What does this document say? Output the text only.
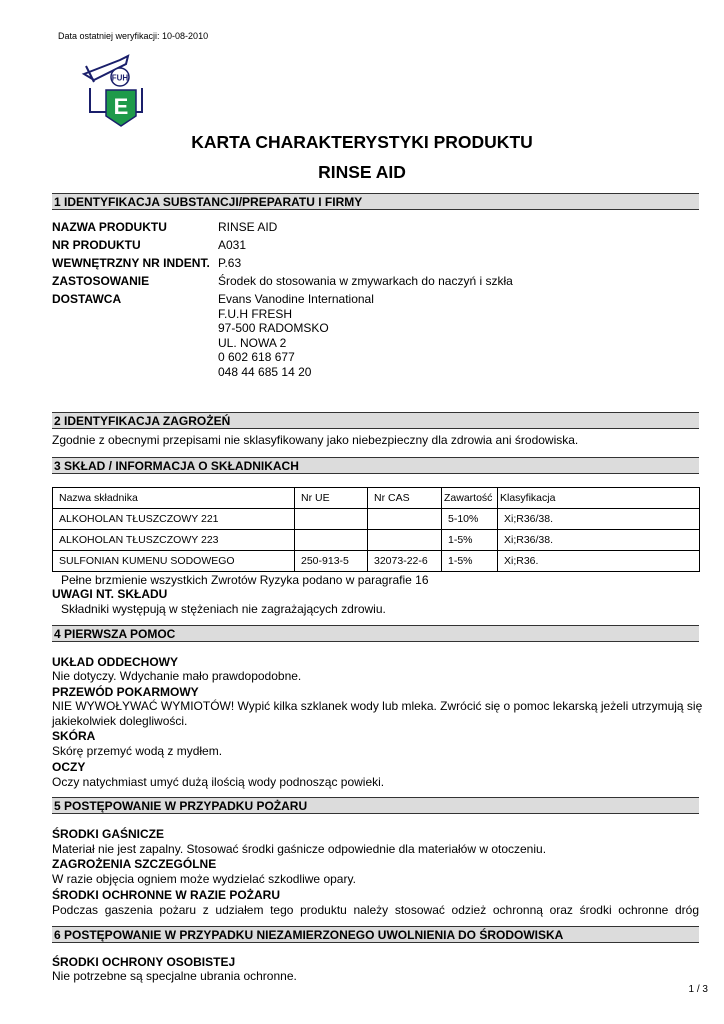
Data ostatniej weryfikacji: 10-08-2010
FUH
E
KARTA CHARAKTERYSTYKI PRODUKTU
RINSE AID
1 IDENTYFIKACJA SUBSTANCJI/PREPARATU I FIRMY
NAZWA PRODUKTU	RINSE AID
NR PRODUKTU	A031
WEWNĘTRZNY NR INDENT. P.63
ZASTOSOWANIE	Środek do stosowania w zmywarkach do naczyń i szkła
DOSTAWCA	Evans Vanodine International
F.U.H FRESH
97-500 RADOMSKO
UL. NOWA 2
0 602 618 677
048 44 685 14 20
2 IDENTYFIKACJA ZAGROŻEŃ
Zgodnie z obecnymi przepisami nie sklasyfikowany jako niebezpieczny dla zdrowia ani środowiska.
3 SKŁAD / INFORMACJA O SKŁADNIKACH
Nazwa składnika	Nr UE	Nr CAS	Zawartość	Klasyfikacja
ALKOHOLAN TŁUSZCZOWY 221			5-10%	Xi;R36/38.
ALKOHOLAN TŁUSZCZOWY 223			1-5%	Xi;R36/38.
SULFONIAN KUMENU SODOWEGO	250-913-5	32073-22-6	1-5%	Xi;R36.
Pełne brzmienie wszystkich Zwrotów Ryzyka podano w paragrafie 16
UWAGI NT. SKŁADU
Składniki występują w stężeniach nie zagrażających zdrowiu.
4 PIERWSZA POMOC
UKŁAD ODDECHOWY
Nie dotyczy. Wdychanie mało prawdopodobne.
PRZEWÓD POKARMOWY
NIE WYWOŁYWAĆ WYMIOTÓW! Wypić kilka szklanek wody lub mleka. Zwrócić się o pomoc lekarską jeżeli utrzymują się
jakiekolwiek dolegliwości.
SKÓRA
Skórę przemyć wodą z mydłem.
OCZY
Oczy natychmiast umyć dużą ilością wody podnosząc powieki.
5 POSTĘPOWANIE W PRZYPADKU POŻARU
ŚRODKI GAŚNICZE
Materiał nie jest zapalny. Stosować środki gaśnicze odpowiednie dla materiałów w otoczeniu.
ZAGROŻENIA SZCZEGÓLNE
W razie objęcia ogniem może wydzielać szkodliwe opary.
ŚRODKI OCHRONNE W RAZIE POŻARU
Podczas gaszenia pożaru z udziałem tego produktu należy stosować odzież ochronną oraz środki ochronne dróg
6 POSTĘPOWANIE W PRZYPADKU NIEZAMIERZONEGO UWOLNIENIA DO ŚRODOWISKA
ŚRODKI OCHRONY OSOBISTEJ
Nie potrzebne są specjalne ubrania ochronne.
1 / 3
